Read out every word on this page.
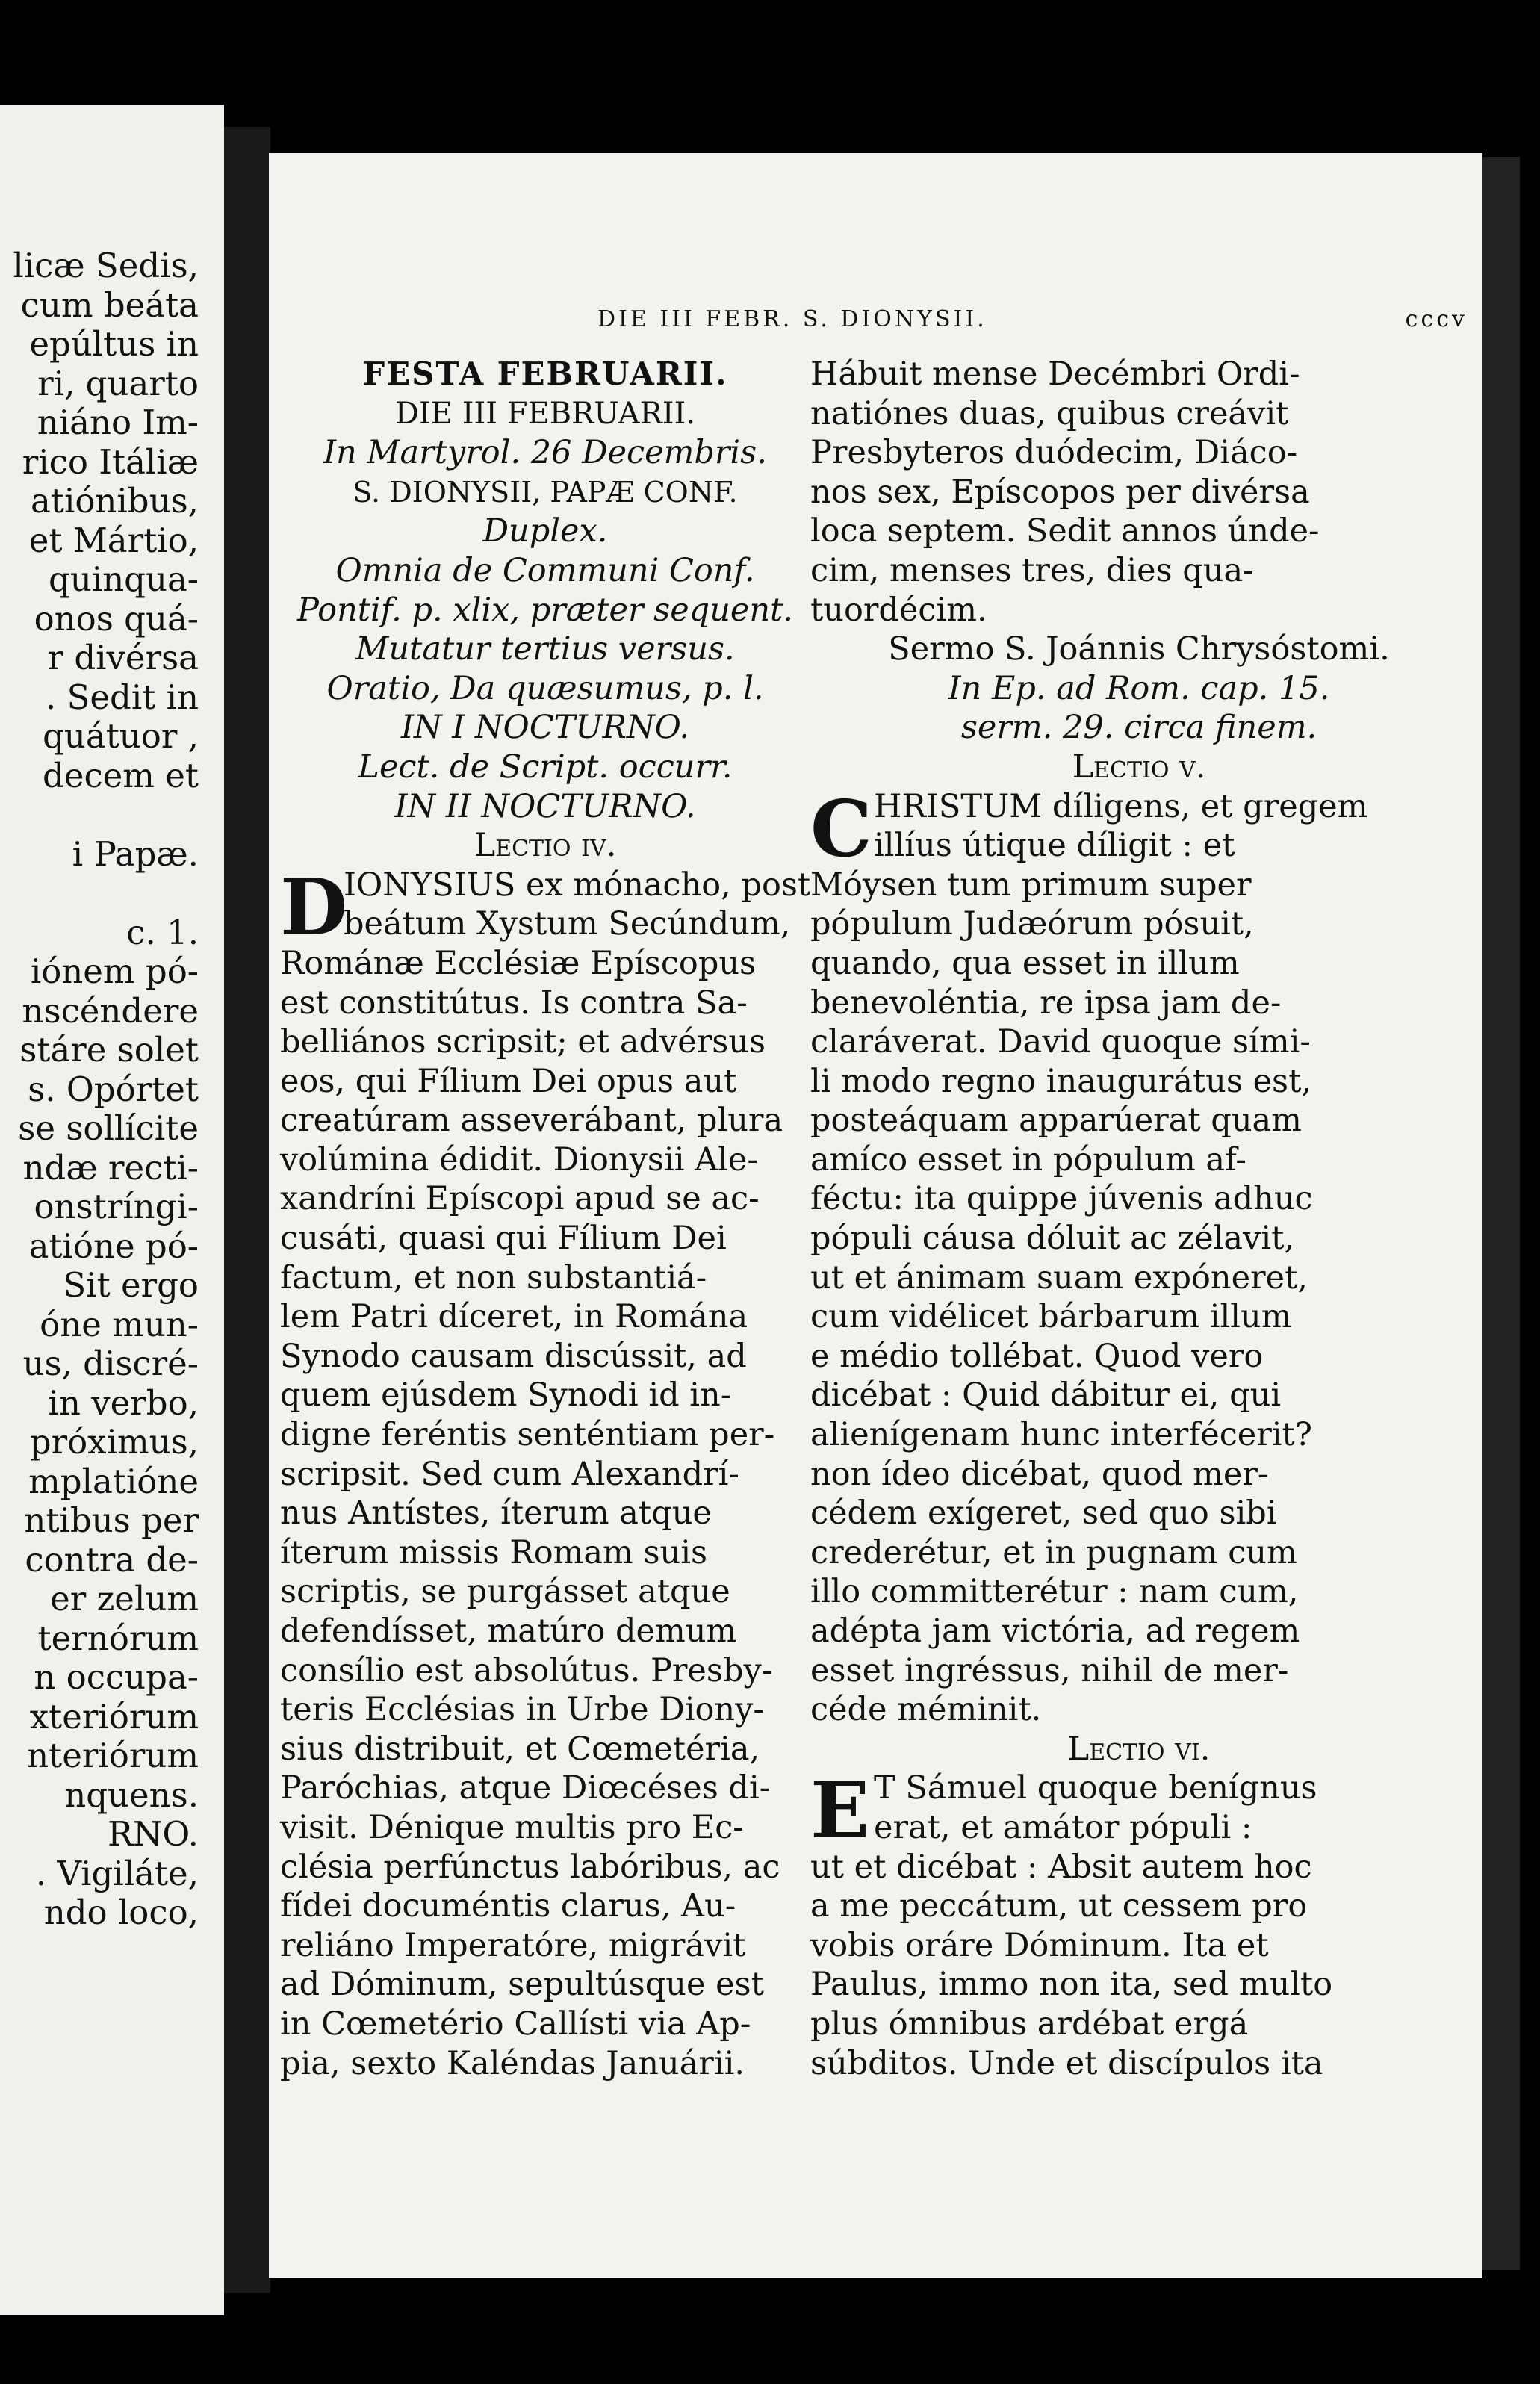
licæ Sedis,
cum beáta
epúltus in
ri, quarto
niáno Im-
rico Itáliæ
atiónibus,
et Mártio,
quinqua-
onos quá-
r divérsa
. Sedit in
quátuor ,
decem et
i Papæ.
c. 1.
iónem pó-
nscéndere
stáre solet
s. Opórtet
se sollícite
ndæ recti-
onstríngi-
atióne pó-
Sit ergo
óne mun-
us, discré-
in verbo,
próximus,
mplatióne
ntibus per
contra de-
er zelum
ternórum
n occupa-
xteriórum
nteriórum
nquens.
RNO.
. Vigiláte,
ndo loco,
DIE III FEBR. S. DIONYSII.	cccv
FESTA FEBRUARII.
DIE III FEBRUARII.
In Martyrol. 26 Decembris.
S. DIONYSII, PAPÆ CONF.
Duplex.
Omnia de Communi Conf.
Pontif. p. xlix, præter sequent.
Mutatur tertius versus.
Oratio, Da quæsumus, p. l.
IN I NOCTURNO.
Lect. de Script. occurr.
IN II NOCTURNO.
Lectio iv.
D
IONYSIUS ex mónacho, post
beátum Xystum Secúndum,
Románæ Ecclésiæ Epíscopus
est constitútus. Is contra Sa-
belliános scripsit; et advérsus
eos, qui Fílium Dei opus aut
creatúram asseverábant, plura
volúmina édidit. Dionysii Ale-
xandríni Epíscopi apud se ac-
cusáti, quasi qui Fílium Dei
factum, et non substantiá-
lem Patri díceret, in Romána
Synodo causam discússit, ad
quem ejúsdem Synodi id in-
digne feréntis senténtiam per-
scripsit. Sed cum Alexandrí-
nus Antístes, íterum atque
íterum missis Romam suis
scriptis, se purgásset atque
defendísset, matúro demum
consílio est absolútus. Presby-
teris Ecclésias in Urbe Diony-
sius distribuit, et Cœmetéria,
Paróchias, atque Diœcéses di-
visit. Dénique multis pro Ec-
clésia perfúnctus labóribus, ac
fídei documéntis clarus, Au-
reliáno Imperatóre, migrávit
ad Dóminum, sepultúsque est
in Cœmetério Callísti via Ap-
pia, sexto Kaléndas Januárii.
Hábuit mense Decémbri Ordi-
natiónes duas, quibus creávit
Presbyteros duódecim, Diáco-
nos sex, Epíscopos per divérsa
loca septem. Sedit annos únde-
cim, menses tres, dies qua-
tuordécim.
Sermo S. Joánnis Chrysóstomi.
In Ep. ad Rom. cap. 15.
serm. 29. circa finem.
Lectio v.
C HRISTUM díligens, et gregem
illíus útique díligit : et
Móysen tum primum super
pópulum Judæórum pósuit,
quando, qua esset in illum
benevoléntia, re ipsa jam de-
claráverat. David quoque sími-
li modo regno inaugurátus est,
posteáquam apparúerat quam
amíco esset in pópulum af-
féctu: ita quippe júvenis adhuc
pópuli cáusa dóluit ac zélavit,
ut et ánimam suam expóneret,
cum vidélicet bárbarum illum
e médio tollébat. Quod vero
dicébat : Quid dábitur ei, qui
alienígenam hunc interfécerit?
non ídeo dicébat, quod mer-
cédem exígeret, sed quo sibi
crederétur, et in pugnam cum
illo committerétur : nam cum,
adépta jam victória, ad regem
esset ingréssus, nihil de mer-
céde méminit.
Lectio vi.
E T Sámuel quoque benígnus
erat, et amátor pópuli :
ut et dicébat : Absit autem hoc
a me peccátum, ut cessem pro
vobis oráre Dóminum. Ita et
Paulus, immo non ita, sed multo
plus ómnibus ardébat ergá
súbditos. Unde et discípulos ita
